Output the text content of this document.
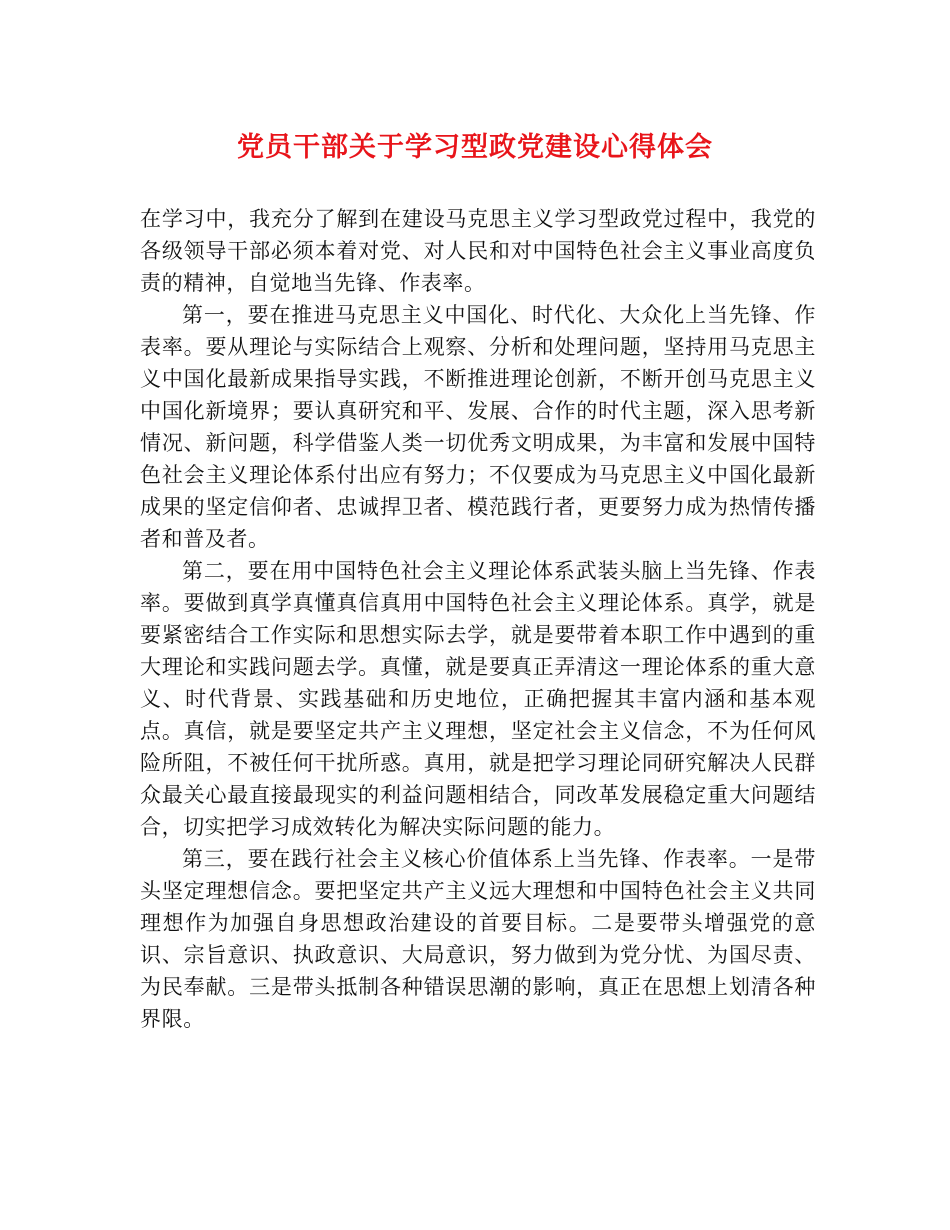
党员干部关于学习型政党建设心得体会

在学习中，我充分了解到在建设马克思主义学习型政党过程中，我党的各级领导干部必须本着对党、对人民和对中国特色社会主义事业高度负责的精神，自觉地当先锋、作表率。

第一，要在推进马克思主义中国化、时代化、大众化上当先锋、作表率。要从理论与实际结合上观察、分析和处理问题，坚持用马克思主义中国化最新成果指导实践，不断推进理论创新，不断开创马克思主义中国化新境界；要认真研究和平、发展、合作的时代主题，深入思考新情况、新问题，科学借鉴人类一切优秀文明成果，为丰富和发展中国特色社会主义理论体系付出应有努力；不仅要成为马克思主义中国化最新成果的坚定信仰者、忠诚捍卫者、模范践行者，更要努力成为热情传播者和普及者。

第二，要在用中国特色社会主义理论体系武装头脑上当先锋、作表率。要做到真学真懂真信真用中国特色社会主义理论体系。真学，就是要紧密结合工作实际和思想实际去学，就是要带着本职工作中遇到的重大理论和实践问题去学。真懂，就是要真正弄清这一理论体系的重大意义、时代背景、实践基础和历史地位，正确把握其丰富内涵和基本观点。真信，就是要坚定共产主义理想，坚定社会主义信念，不为任何风险所阻，不被任何干扰所惑。真用，就是把学习理论同研究解决人民群众最关心最直接最现实的利益问题相结合，同改革发展稳定重大问题结合，切实把学习成效转化为解决实际问题的能力。

第三，要在践行社会主义核心价值体系上当先锋、作表率。一是带头坚定理想信念。要把坚定共产主义远大理想和中国特色社会主义共同理想作为加强自身思想政治建设的首要目标。二是要带头增强党的意识、宗旨意识、执政意识、大局意识，努力做到为党分忧、为国尽责、为民奉献。三是带头抵制各种错误思潮的影响，真正在思想上划清各种界限。
